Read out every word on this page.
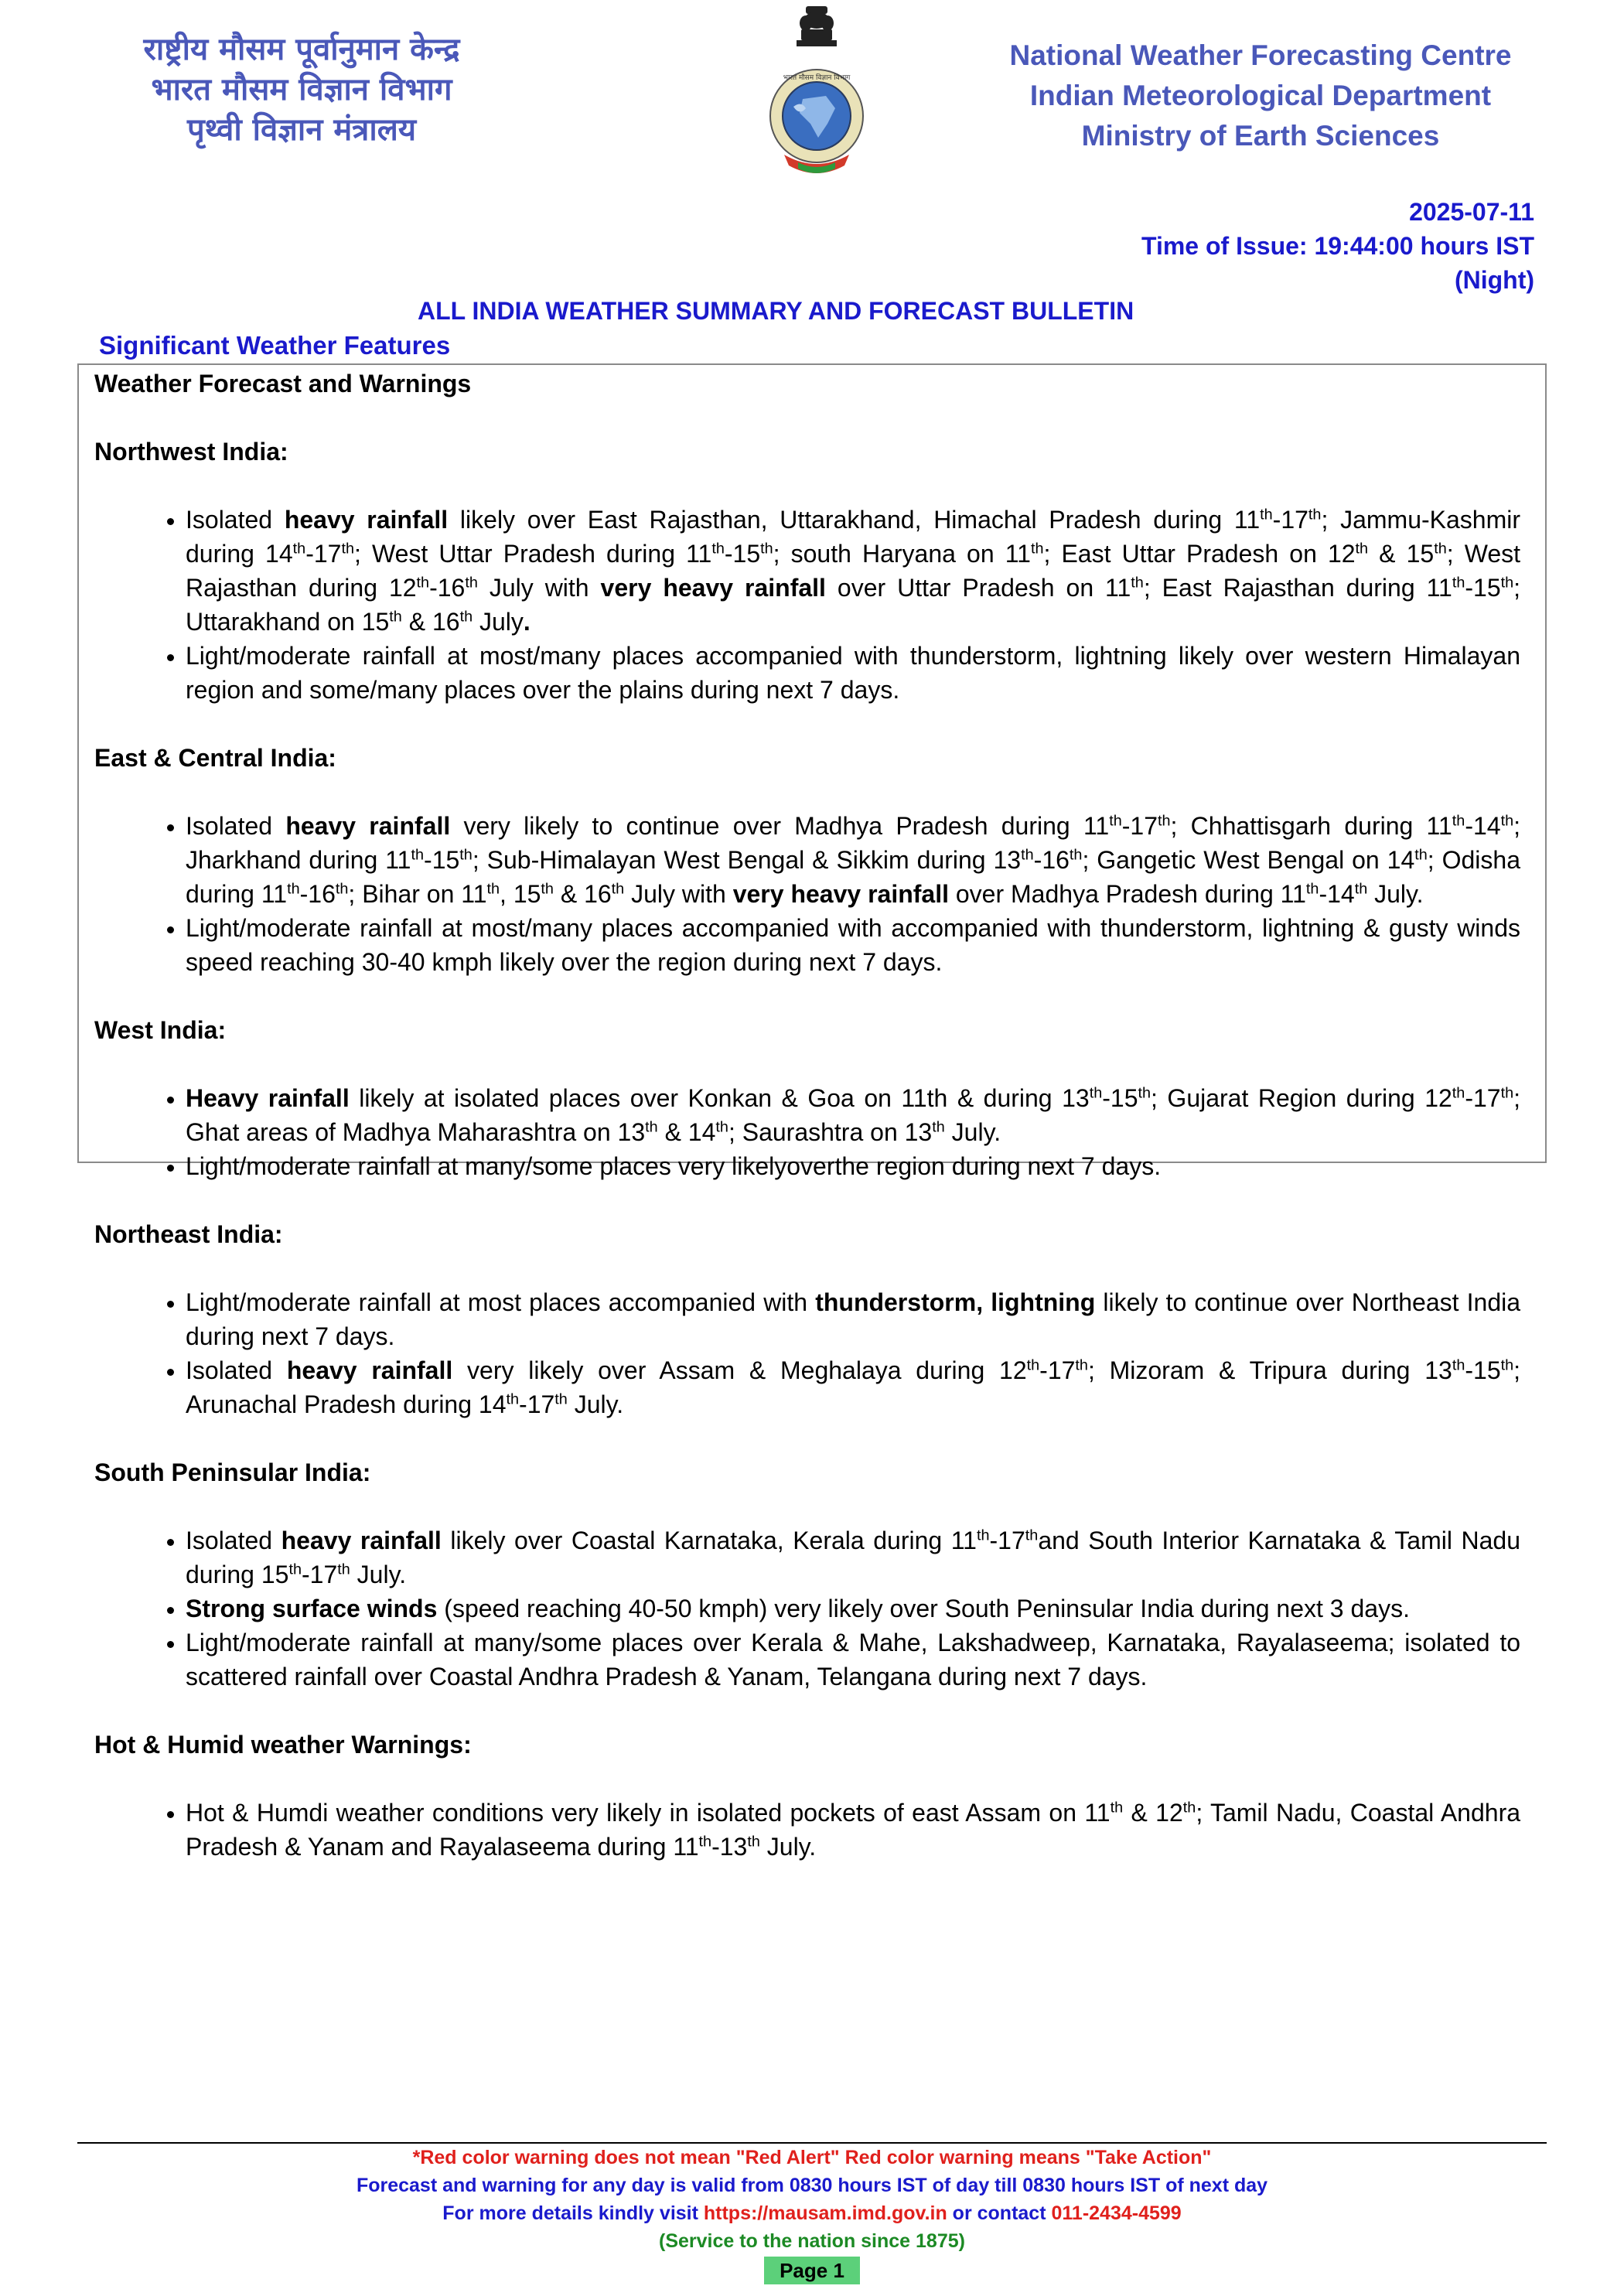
राष्ट्रीय मौसम पूर्वानुमान केन्द्र
भारत मौसम विज्ञान विभाग
पृथ्वी विज्ञान मंत्रालय
भारत मौसम विज्ञान विभाग
National Weather Forecasting Centre
Indian Meteorological Department
Ministry of Earth Sciences
2025-07-11
Time of Issue: 19:44:00 hours IST
(Night)
ALL INDIA WEATHER SUMMARY AND FORECAST BULLETIN
Significant Weather Features
Weather Forecast and Warnings
Northwest India:
• Isolated heavy rainfall likely over East Rajasthan, Uttarakhand, Himachal Pradesh during 11th-17th; Jammu-Kashmir during 14th-17th; West Uttar Pradesh during 11th-15th; south Haryana on 11th; East Uttar Pradesh on 12th & 15th; West Rajasthan during 12th-16th July with very heavy rainfall over Uttar Pradesh on 11th; East Rajasthan during 11th-15th; Uttarakhand on 15th & 16th July.
• Light/moderate rainfall at most/many places accompanied with thunderstorm, lightning likely over western Himalayan region and some/many places over the plains during next 7 days.
East & Central India:
• Isolated heavy rainfall very likely to continue over Madhya Pradesh during 11th-17th; Chhattisgarh during 11th-14th; Jharkhand during 11th-15th; Sub-Himalayan West Bengal & Sikkim during 13th-16th; Gangetic West Bengal on 14th; Odisha during 11th-16th; Bihar on 11th, 15th & 16th July with very heavy rainfall over Madhya Pradesh during 11th-14th July.
• Light/moderate rainfall at most/many places accompanied with accompanied with thunderstorm, lightning & gusty winds speed reaching 30-40 kmph likely over the region during next 7 days.
West India:
• Heavy rainfall likely at isolated places over Konkan & Goa on 11th & during 13th-15th; Gujarat Region during 12th-17th; Ghat areas of Madhya Maharashtra on 13th & 14th; Saurashtra on 13th July.
• Light/moderate rainfall at many/some places very likelyoverthe region during next 7 days.
Northeast India:
• Light/moderate rainfall at most places accompanied with thunderstorm, lightning likely to continue over Northeast India during next 7 days.
• Isolated heavy rainfall very likely over Assam & Meghalaya during 12th-17th; Mizoram & Tripura during 13th-15th; Arunachal Pradesh during 14th-17th July.
South Peninsular India:
• Isolated heavy rainfall likely over Coastal Karnataka, Kerala during 11th-17thand South Interior Karnataka & Tamil Nadu during 15th-17th July.
• Strong surface winds (speed reaching 40-50 kmph) very likely over South Peninsular India during next 3 days.
• Light/moderate rainfall at many/some places over Kerala & Mahe, Lakshadweep, Karnataka, Rayalaseema; isolated to scattered rainfall over Coastal Andhra Pradesh & Yanam, Telangana during next 7 days.
Hot & Humid weather Warnings:
• Hot & Humdi weather conditions very likely in isolated pockets of east Assam on 11th & 12th; Tamil Nadu, Coastal Andhra Pradesh & Yanam and Rayalaseema during 11th-13th July.
*Red color warning does not mean "Red Alert" Red color warning means "Take Action"
Forecast and warning for any day is valid from 0830 hours IST of day till 0830 hours IST of next day
For more details kindly visit https://mausam.imd.gov.in or contact 011-2434-4599
(Service to the nation since 1875)
Page 1
